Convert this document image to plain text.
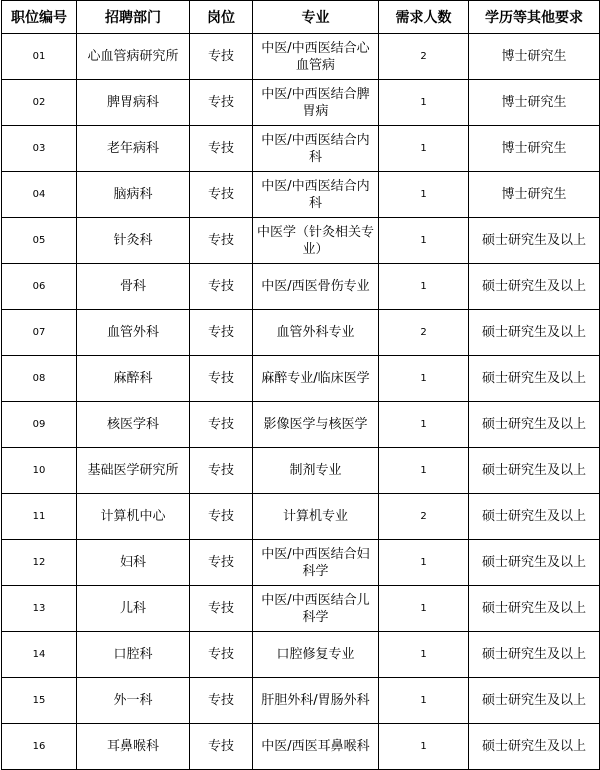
职位编号	招聘部门	岗位	专业	需求人数	学历等其他要求
01	心血管病研究所	专技	中医/中西医结合心血管病	2	博士研究生
02	脾胃病科	专技	中医/中西医结合脾胃病	1	博士研究生
03	老年病科	专技	中医/中西医结合内科	1	博士研究生
04	脑病科	专技	中医/中西医结合内科	1	博士研究生
05	针灸科	专技	中医学（针灸相关专业）	1	硕士研究生及以上
06	骨科	专技	中医/西医骨伤专业	1	硕士研究生及以上
07	血管外科	专技	血管外科专业	2	硕士研究生及以上
08	麻醉科	专技	麻醉专业/临床医学	1	硕士研究生及以上
09	核医学科	专技	影像医学与核医学	1	硕士研究生及以上
10	基础医学研究所	专技	制剂专业	1	硕士研究生及以上
11	计算机中心	专技	计算机专业	2	硕士研究生及以上
12	妇科	专技	中医/中西医结合妇科学	1	硕士研究生及以上
13	儿科	专技	中医/中西医结合儿科学	1	硕士研究生及以上
14	口腔科	专技	口腔修复专业	1	硕士研究生及以上
15	外一科	专技	肝胆外科/胃肠外科	1	硕士研究生及以上
16	耳鼻喉科	专技	中医/西医耳鼻喉科	1	硕士研究生及以上
